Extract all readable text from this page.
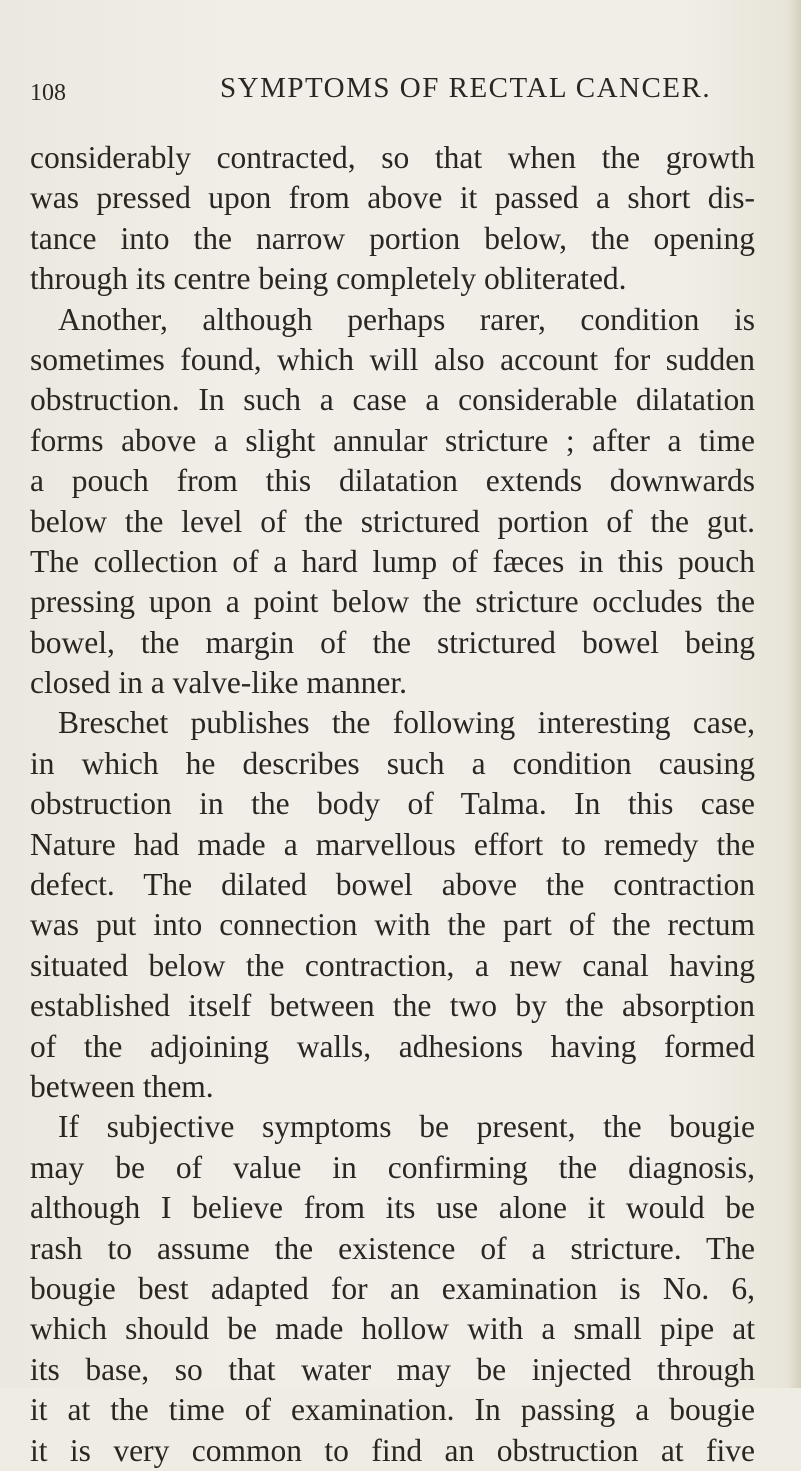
108	SYMPTOMS OF RECTAL CANCER.
considerably contracted, so that when the growth
was pressed upon from above it passed a short dis-
tance into the narrow portion below, the opening
through its centre being completely obliterated.
Another, although perhaps rarer, condition is
sometimes found, which will also account for sudden
obstruction. In such a case a considerable dilatation
forms above a slight annular stricture ; after a time
a pouch from this dilatation extends downwards
below the level of the strictured portion of the gut.
The collection of a hard lump of fæces in this pouch
pressing upon a point below the stricture occludes the
bowel, the margin of the strictured bowel being
closed in a valve-like manner.
Breschet publishes the following interesting case,
in which he describes such a condition causing
obstruction in the body of Talma. In this case
Nature had made a marvellous effort to remedy the
defect. The dilated bowel above the contraction
was put into connection with the part of the rectum
situated below the contraction, a new canal having
established itself between the two by the absorption
of the adjoining walls, adhesions having formed
between them.
If subjective symptoms be present, the bougie
may be of value in confirming the diagnosis,
although I believe from its use alone it would be
rash to assume the existence of a stricture. The
bougie best adapted for an examination is No. 6,
which should be made hollow with a small pipe at
its base, so that water may be injected through
it at the time of examination. In passing a bougie
it is very common to find an obstruction at five
